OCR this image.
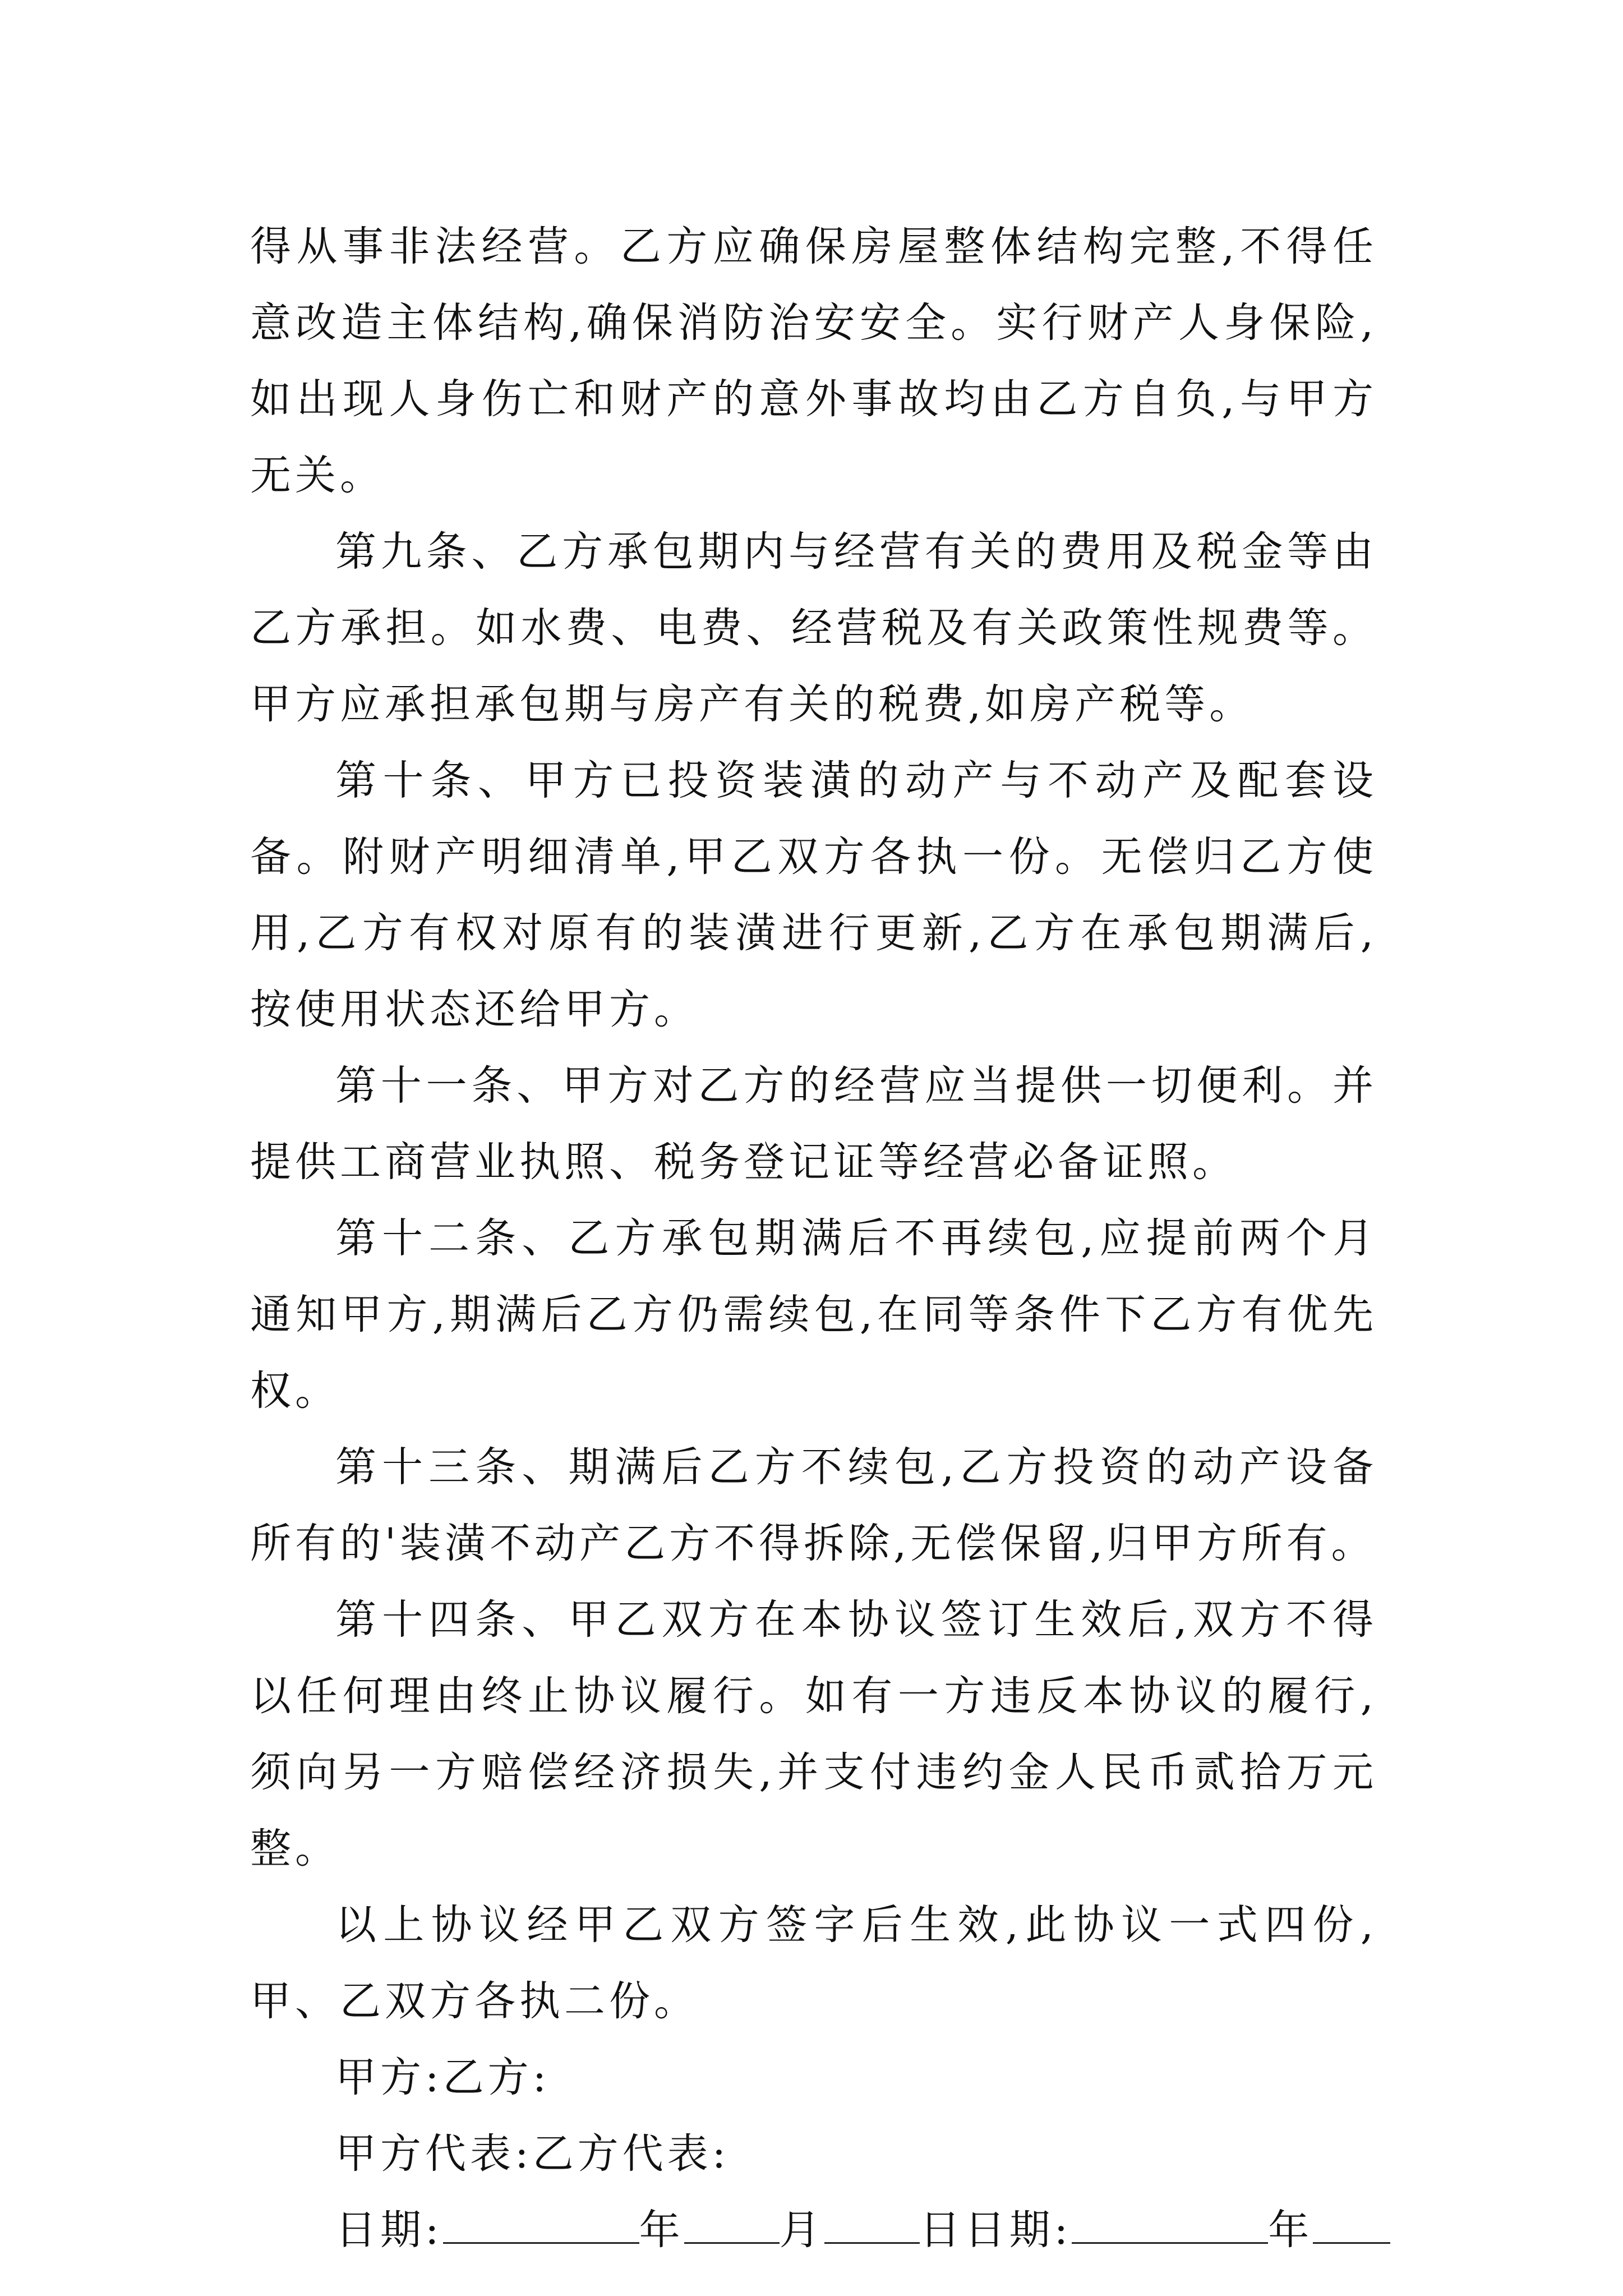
得从事非法经营。乙方应确保房屋整体结构完整,不得任意改造主体结构,确保消防治安安全。实行财产人身保险,如出现人身伤亡和财产的意外事故均由乙方自负,与甲方无关。

第九条、乙方承包期内与经营有关的费用及税金等由乙方承担。如水费、电费、经营税及有关政策性规费等。甲方应承担承包期与房产有关的税费,如房产税等。

第十条、甲方已投资装潢的动产与不动产及配套设备。附财产明细清单,甲乙双方各执一份。无偿归乙方使用,乙方有权对原有的装潢进行更新,乙方在承包期满后,按使用状态还给甲方。

第十一条、甲方对乙方的经营应当提供一切便利。并提供工商营业执照、税务登记证等经营必备证照。

第十二条、乙方承包期满后不再续包,应提前两个月通知甲方,期满后乙方仍需续包,在同等条件下乙方有优先权。

第十三条、期满后乙方不续包,乙方投资的动产设备所有的'装潢不动产乙方不得拆除,无偿保留,归甲方所有。

第十四条、甲乙双方在本协议签订生效后,双方不得以任何理由终止协议履行。如有一方违反本协议的履行,须向另一方赔偿经济损失,并支付违约金人民币贰拾万元整。

以上协议经甲乙双方签字后生效,此协议一式四份,甲、乙双方各执二份。

甲方:乙方:

甲方代表:乙方代表:

日期:	年 月 日日期:	年
